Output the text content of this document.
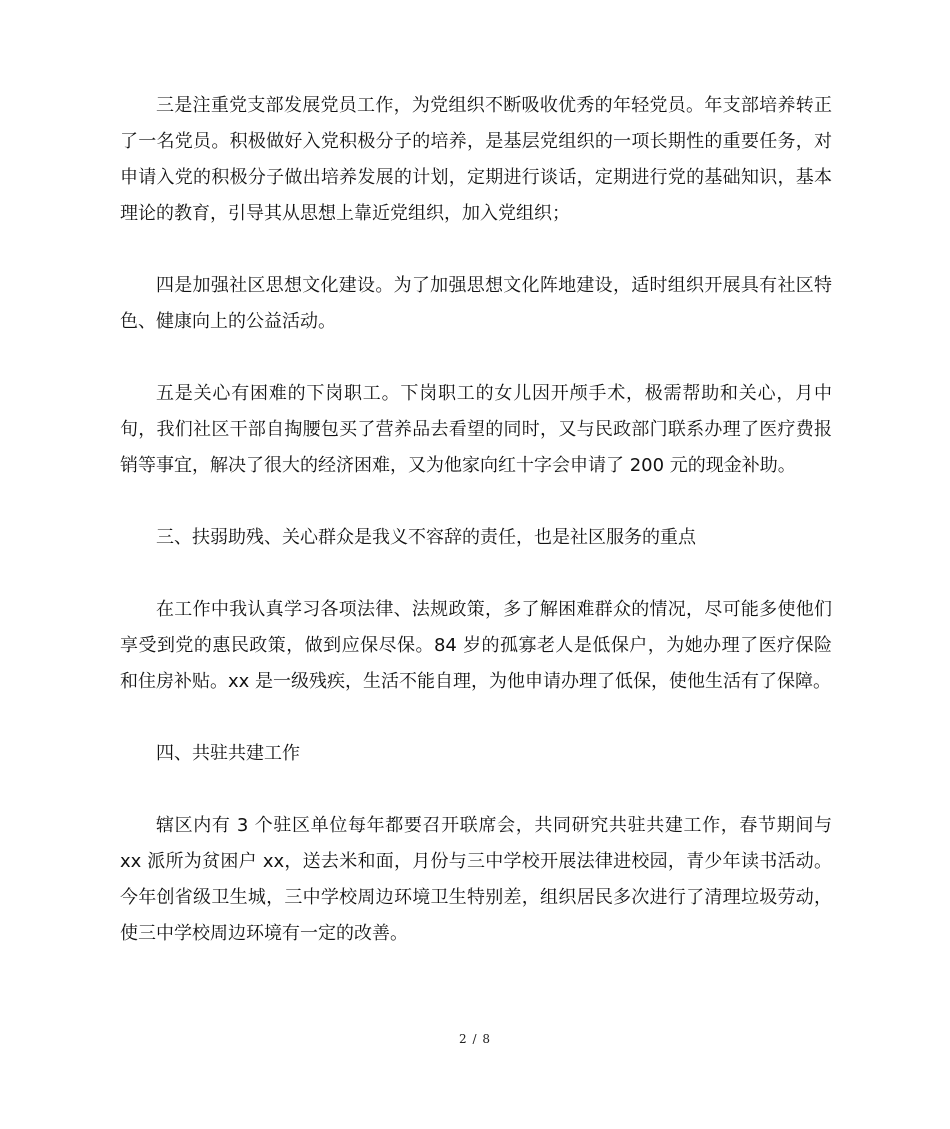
三是注重党支部发展党员工作，为党组织不断吸收优秀的年轻党员。年支部培养转正了一名党员。积极做好入党积极分子的培养，是基层党组织的一项长期性的重要任务，对申请入党的积极分子做出培养发展的计划，定期进行谈话，定期进行党的基础知识，基本理论的教育，引导其从思想上靠近党组织，加入党组织；

四是加强社区思想文化建设。为了加强思想文化阵地建设，适时组织开展具有社区特色、健康向上的公益活动。

五是关心有困难的下岗职工。下岗职工的女儿因开颅手术，极需帮助和关心，月中旬，我们社区干部自掏腰包买了营养品去看望的同时，又与民政部门联系办理了医疗费报销等事宜，解决了很大的经济困难，又为他家向红十字会申请了 200 元的现金补助。

三、扶弱助残、关心群众是我义不容辞的责任，也是社区服务的重点

在工作中我认真学习各项法律、法规政策，多了解困难群众的情况，尽可能多使他们享受到党的惠民政策，做到应保尽保。84 岁的孤寡老人是低保户，为她办理了医疗保险和住房补贴。xx 是一级残疾，生活不能自理，为他申请办理了低保，使他生活有了保障。

四、共驻共建工作

辖区内有 3 个驻区单位每年都要召开联席会，共同研究共驻共建工作，春节期间与 xx 派所为贫困户 xx，送去米和面，月份与三中学校开展法律进校园，青少年读书活动。今年创省级卫生城，三中学校周边环境卫生特别差，组织居民多次进行了清理垃圾劳动，使三中学校周边环境有一定的改善。

2 / 8
